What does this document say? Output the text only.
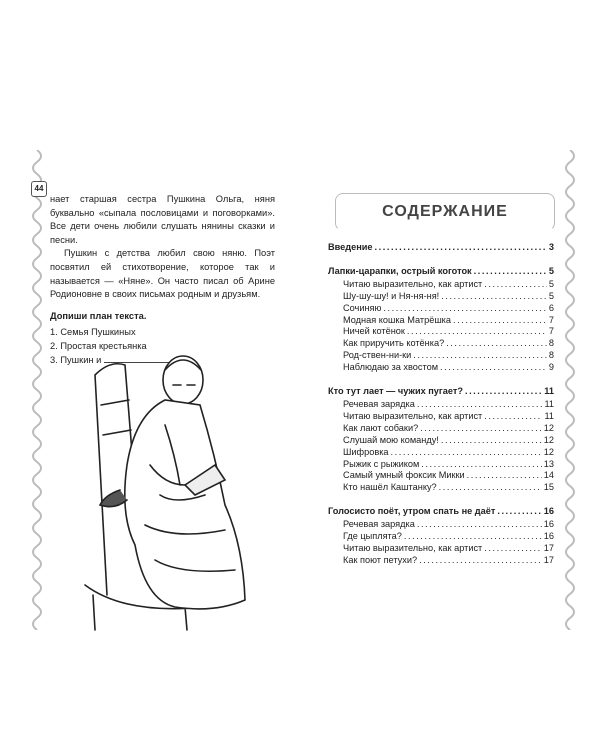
44

нает старшая сестра Пушкина Ольга, няня буквально «сыпала пословицами и поговорками». Все дети очень любили слушать нянины сказки и песни.

Пушкин с детства любил свою няню. Поэт посвятил ей стихотворение, которое так и называется — «Няне». Он часто писал об Арине Родионовне в своих письмах родным и друзьям.

Допиши план текста.

1. Семья Пушкиных
2. Простая крестьянка
3. Пушкин и
СОДЕРЖАНИЕ
Введение . . .	3
Лапки-царапки, острый коготок . . .	5
Читаю выразительно, как артист . . .	5
Шу-шу-шу! и Ня-ня-ня! . . .	5
Сочиняю . . .	6
Модная кошка Матрёшка . . .	7
Ничей котёнок . . .	7
Как приручить котёнка? . . .	8
Род-ствен-ни-ки . . .	8
Наблюдаю за хвостом . . .	9
Кто тут лает — чужих пугает? . . .	11
Речевая зарядка . . .	11
Читаю выразительно, как артист . . .	11
Как лают собаки? . . .	12
Слушай мою команду! . . .	12
Шифровка . . .	12
Рыжик с рыжиком . . .	13
Самый умный фоксик Микки . . .	14
Кто нашёл Каштанку? . . .	15
Голосисто поёт, утром спать не даёт . . .	16
Речевая зарядка . . .	16
Где цыплята? . . .	16
Читаю выразительно, как артист . . .	17
Как поют петухи? . . .	17
